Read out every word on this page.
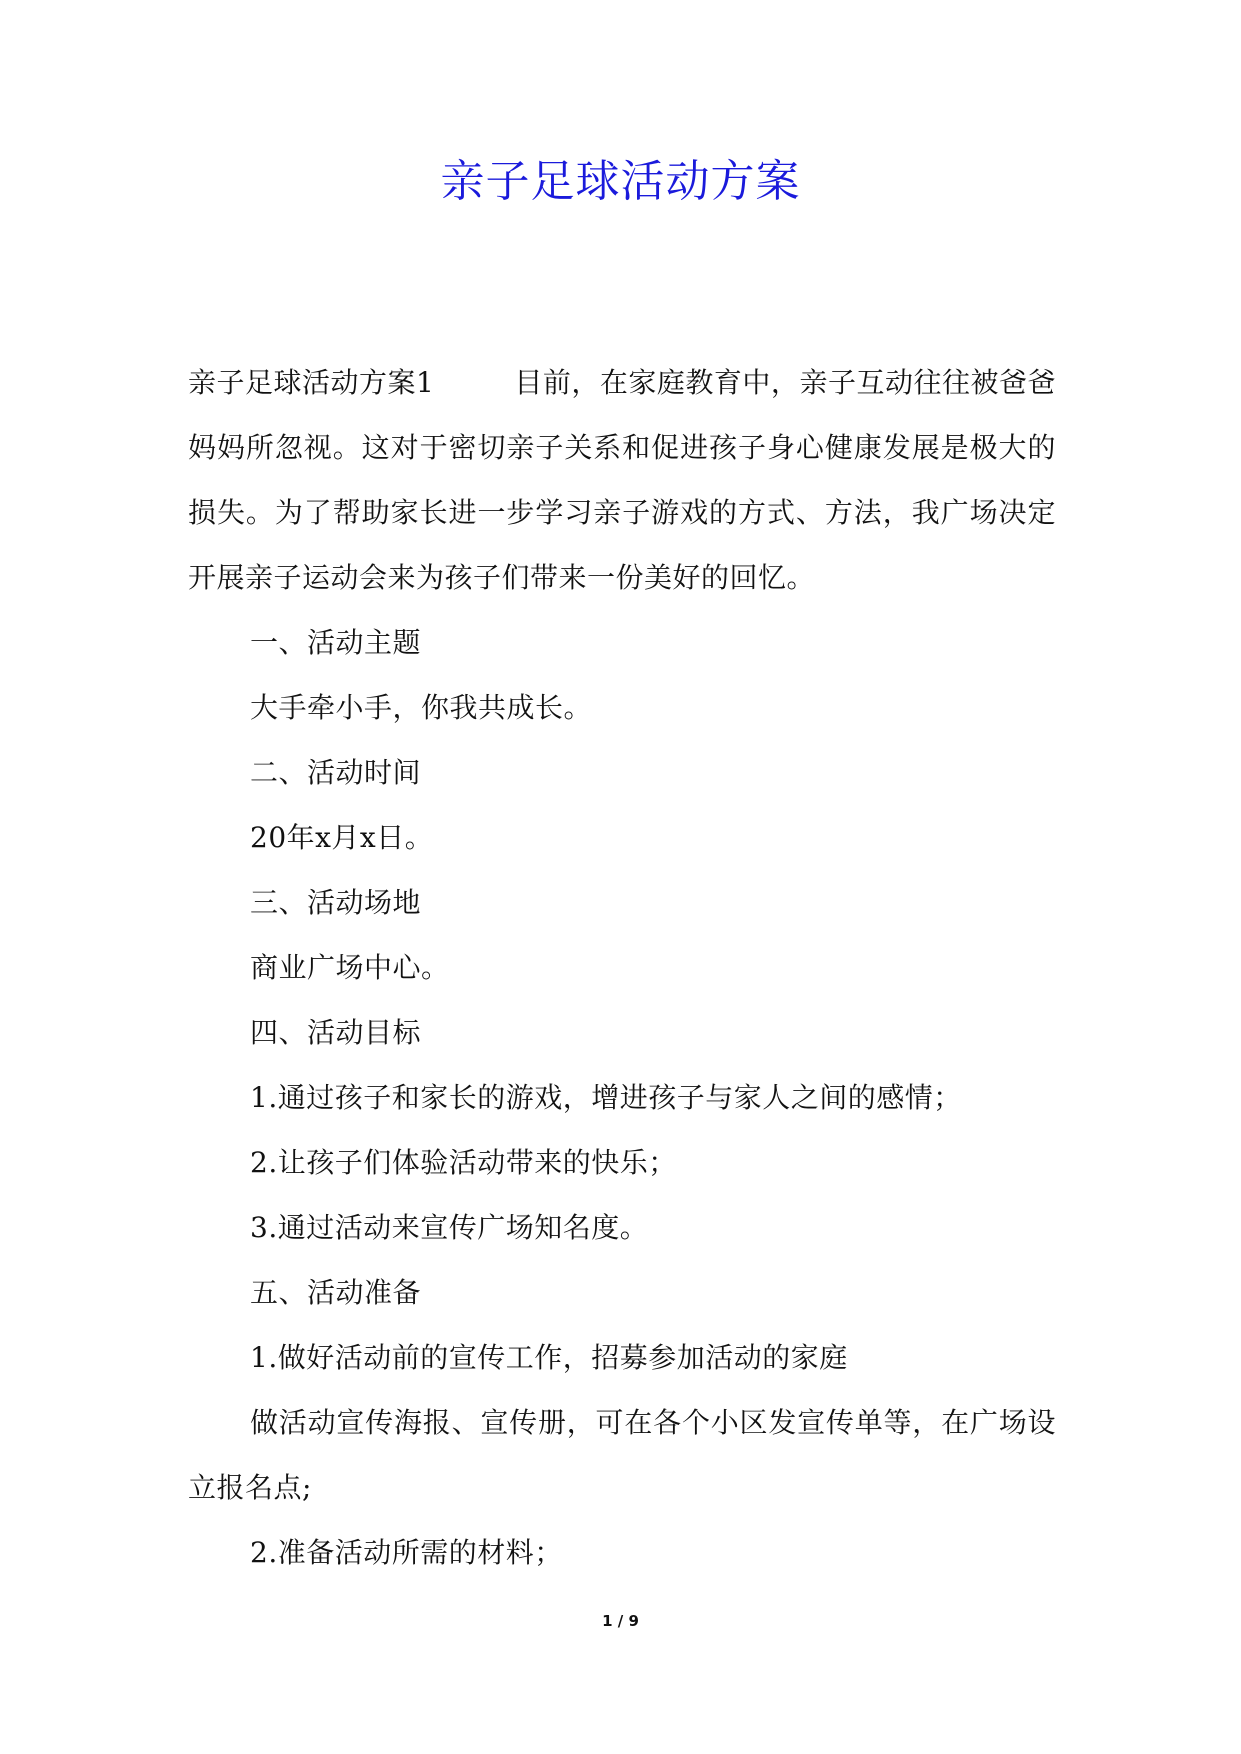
亲子足球活动方案

亲子足球活动方案1	目前，在家庭教育中，亲子互动往往被爸爸妈妈所忽视。这对于密切亲子关系和促进孩子身心健康发展是极大的损失。为了帮助家长进一步学习亲子游戏的方式、方法，我广场决定开展亲子运动会来为孩子们带来一份美好的回忆。

一、活动主题

大手牵小手，你我共成长。

二、活动时间

20年x月x日。

三、活动场地

商业广场中心。

四、活动目标

1.通过孩子和家长的游戏，增进孩子与家人之间的感情；

2.让孩子们体验活动带来的快乐；

3.通过活动来宣传广场知名度。

五、活动准备

1.做好活动前的宣传工作，招募参加活动的家庭

做活动宣传海报、宣传册，可在各个小区发宣传单等，在广场设立报名点;

2.准备活动所需的材料；

1 / 9
